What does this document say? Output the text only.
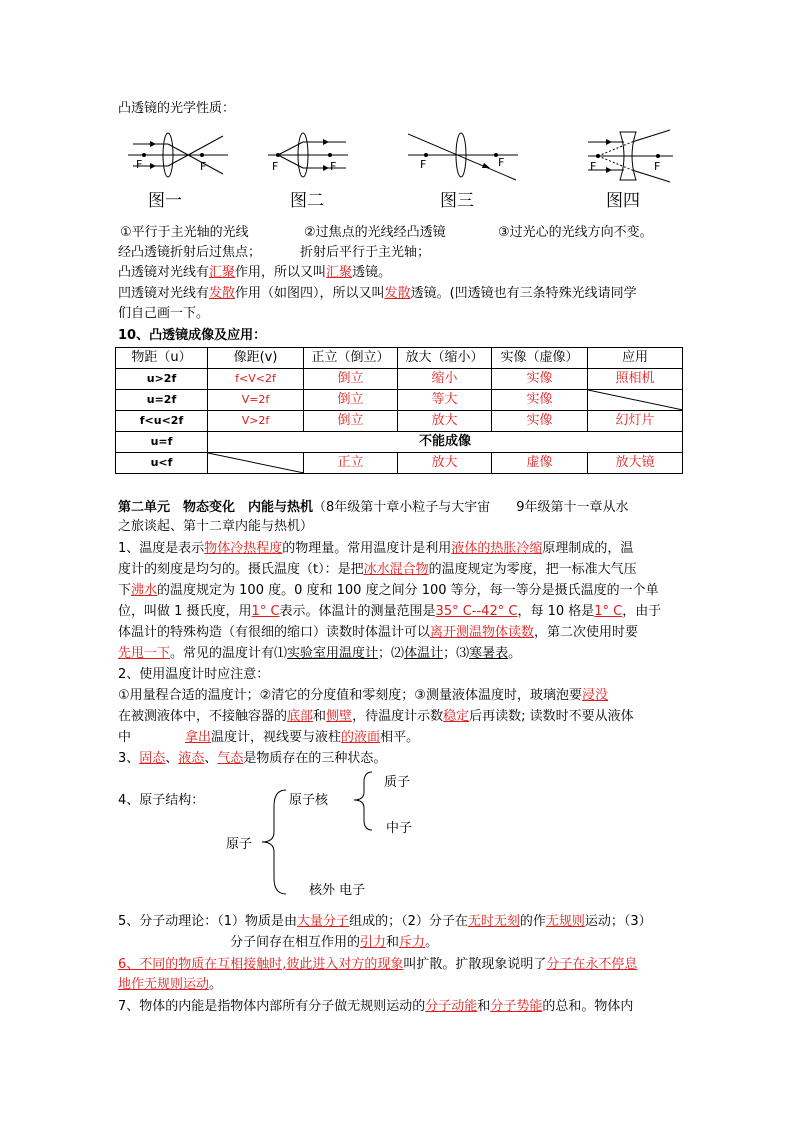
凸透镜的光学性质：
F	F
图一
F	F
图二
F	F
图三
F	F
图四
①平行于主光轴的光线	②过焦点的光线经凸透镜	③过光心的光线方向不变。
经凸透镜折射后过焦点；	折射后平行于主光轴；
凸透镜对光线有汇聚作用，所以又叫汇聚透镜。
凹透镜对光线有发散作用（如图四），所以又叫发散透镜。(凹透镜也有三条特殊光线请同学
们自己画一下。
10、凸透镜成像及应用：
物距（u）	像距(v)	正立（倒立）	放大（缩小）	实像（虚像）	应用
u>2f	f<V<2f	倒立	缩小	实像	照相机
u=2f	V=2f	倒立	等大	实像	

f<u<2f	V>2f	倒立	放大	实像	幻灯片
u=f	不能成像				
u<f		正立	放大	虚像	放大镜
第二单元　物态变化　内能与热机（8年级第十章小粒子与大宇宙　　9年级第十一章从水
之旅谈起、第十二章内能与热机）
1、温度是表示物体冷热程度的物理量。常用温度计是利用液体的热胀冷缩原理制成的，温
度计的刻度是均匀的。摄氏温度（t）：是把冰水混合物的温度规定为零度，把一标准大气压
下沸水的温度规定为 100 度。0 度和 100 度之间分 100 等分，每一等分是摄氏温度的一个单
位，叫做 1 摄氏度，用1° C表示。体温计的测量范围是35° C--42° C，每 10 格是1° C，由于
体温计的特殊构造（有很细的缩口）读数时体温计可以离开测温物体读数，第二次使用时要
先甩一下。常见的温度计有⑴实验室用温度计；⑵体温计；⑶寒暑表。
2、使用温度计时应注意：
①用量程合适的温度计；②清它的分度值和零刻度；③测量液体温度时，玻璃泡要浸没
在被测液体中，不接触容器的底部和侧壁，待温度计示数稳定后再读数; 读数时不要从液体
中	拿出温度计，视线要与液柱的液面相平。
3、固态、液态、气态是物质存在的三种状态。
4、原子结构：
原子
原子核
质子
中子
核外 电子
5、分子动理论：（1）物质是由大量分子组成的；（2）分子在无时无刻的作无规则运动；（3）
分子间存在相互作用的引力和斥力。
6、不同的物质在互相接触时,彼此进入对方的现象叫扩散。扩散现象说明了分子在永不停息
地作无规则运动。
7、物体的内能是指物体内部所有分子做无规则运动的分子动能和分子势能的总和。物体内
